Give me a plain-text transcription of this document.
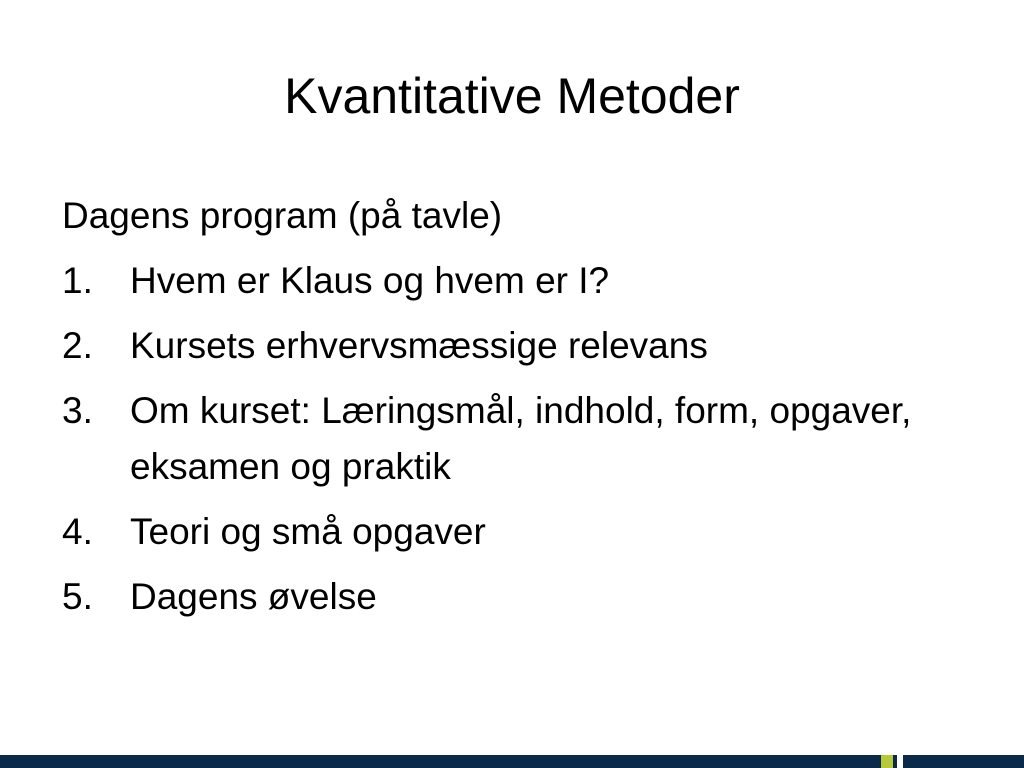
Kvantitative Metoder

Dagens program (på tavle)

1.	Hvem er Klaus og hvem er I?
2.	Kursets erhvervsmæssige relevans
3.	Om kurset: Læringsmål, indhold, form, opgaver, eksamen og praktik
4.	Teori og små opgaver
5.	Dagens øvelse
